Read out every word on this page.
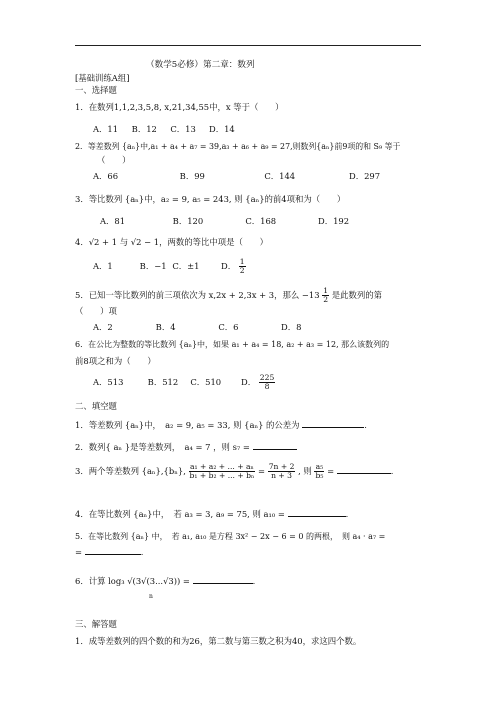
（数学5必修）第二章：数列
[基础训练A组]
一、选择题
1．在数列1,1,2,3,5,8, x,21,34,55中，x 等于（　　）
A．11 B．12 C．13 D．14
2．等差数列 {aₙ}中,a₁ + a₄ + a₇ = 39,a₃ + a₆ + a₉ = 27,则数列{aₙ}前9项的和 S₉ 等于
（　　）
A．66	B．99	C．144	D．297
3．等比数列 {aₙ}中，a₂ = 9, a₅ = 243, 则 {aₙ}的前4项和为（　　）
A．81	B．120	C．168	D．192
4．√2 + 1 与 √2 − 1，两数的等比中项是（　　）
A．1	B．−1 C．±1	D． $\frac{1}{2}$
5．已知一等比数列的前三项依次为 x,2x + 2,3x + 3，那么 $-13 \frac{1}{2}$ 是此数列的第
（　　）项
A．2	B．4	C．6	D．8
6．在公比为整数的等比数列 {aₙ}中，如果 a₁ + a₄ = 18, a₂ + a₃ = 12, 那么该数列的
前8项之和为（　　）
A．513	B．512 C．510 D． $\frac{225}{8}$
二、填空题
1．等差数列 {aₙ}中，　a₂ = 9, a₅ = 33, 则 {aₙ} 的公差为	.
2．数列{ aₙ }是等差数列，　a₄ = 7 ，则 s₇ =
3．两个等差数列 {aₙ},{bₙ}, $\frac{\text{a₁ + a₂ + ... + aₙ}}{\text{b₁ + b₂ + ... + bₙ}} = \frac{7n + 2}{n + 3}$ , 则 $\frac{\text{a₅}}{\text{b₅}}$ =	.
4．在等比数列 {aₙ}中，　若 a₃ = 3, a₉ = 75, 则 a₁₀ =	.
5．在等比数列 {aₙ} 中，　若 a₁, a₁₀ 是方程 3x² − 2x − 6 = 0 的两根，　则 a₄ · a₇ =
=	.
6．计算 log₃ √(3√(3...√3)) =	.
n
三、解答题
1．成等差数列的四个数的和为26，第二数与第三数之积为40，求这四个数。
